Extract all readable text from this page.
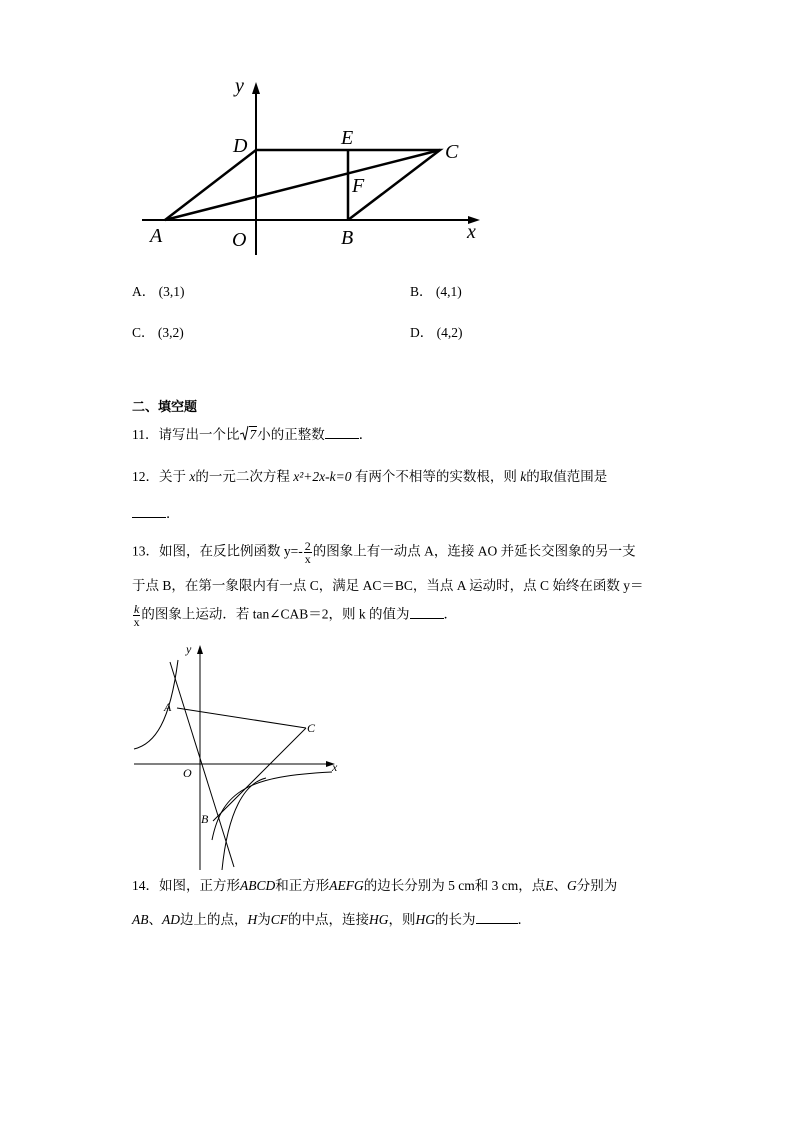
y
x
D	E
C
F
A	O	B
A． (3,1)	B． (4,1)
C． (3,2)	D． (4,2)
二、填空题
11．请写出一个比 7小的正整数	．
12．关于 x的一元二次方程 x²+2x-k=0 有两个不相等的实数根，则 k的取值范围是
．
13．如图，在反比例函数 $y=- \frac{2}{x}$ 的图象上有一动点 A，连接 AO 并延长交图象的另一支
于点 B，在第一象限内有一点 C，满足 AC＝BC，当点 A 运动时，点 C 始终在函数 y＝
$\frac{k}{x}$ 的图象上运动．若 tan∠CAB＝2，则 k 的值为	．
y
x
A
C
O
B
14．如图，正方形ABCD和正方形AEFG的边长分别为 5 cm和 3 cm，点E、G分别为
AB、AD边上的点，H为CF的中点，连接HG，则HG的长为	．
